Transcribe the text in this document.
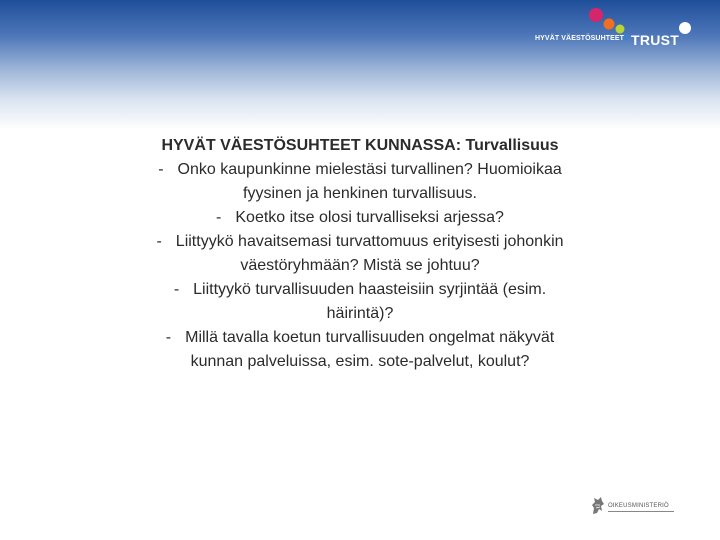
HYVÄT VÄESTÖSUHTEET TRUST
HYVÄT VÄESTÖSUHTEET KUNNASSA: Turvallisuus
- Onko kaupunkinne mielestäsi turvallinen? Huomioikaa
fyysinen ja henkinen turvallisuus.
- Koetko itse olosi turvalliseksi arjessa?
- Liittyykö havaitsemasi turvattomuus erityisesti johonkin
väestöryhmään? Mistä se johtuu?
- Liittyykö turvallisuuden haasteisiin syrjintää (esim.
häirintä)?
- Millä tavalla koetun turvallisuuden ongelmat näkyvät
kunnan palveluissa, esim. sote-palvelut, koulut?
OIKEUSMINISTERIÖ
